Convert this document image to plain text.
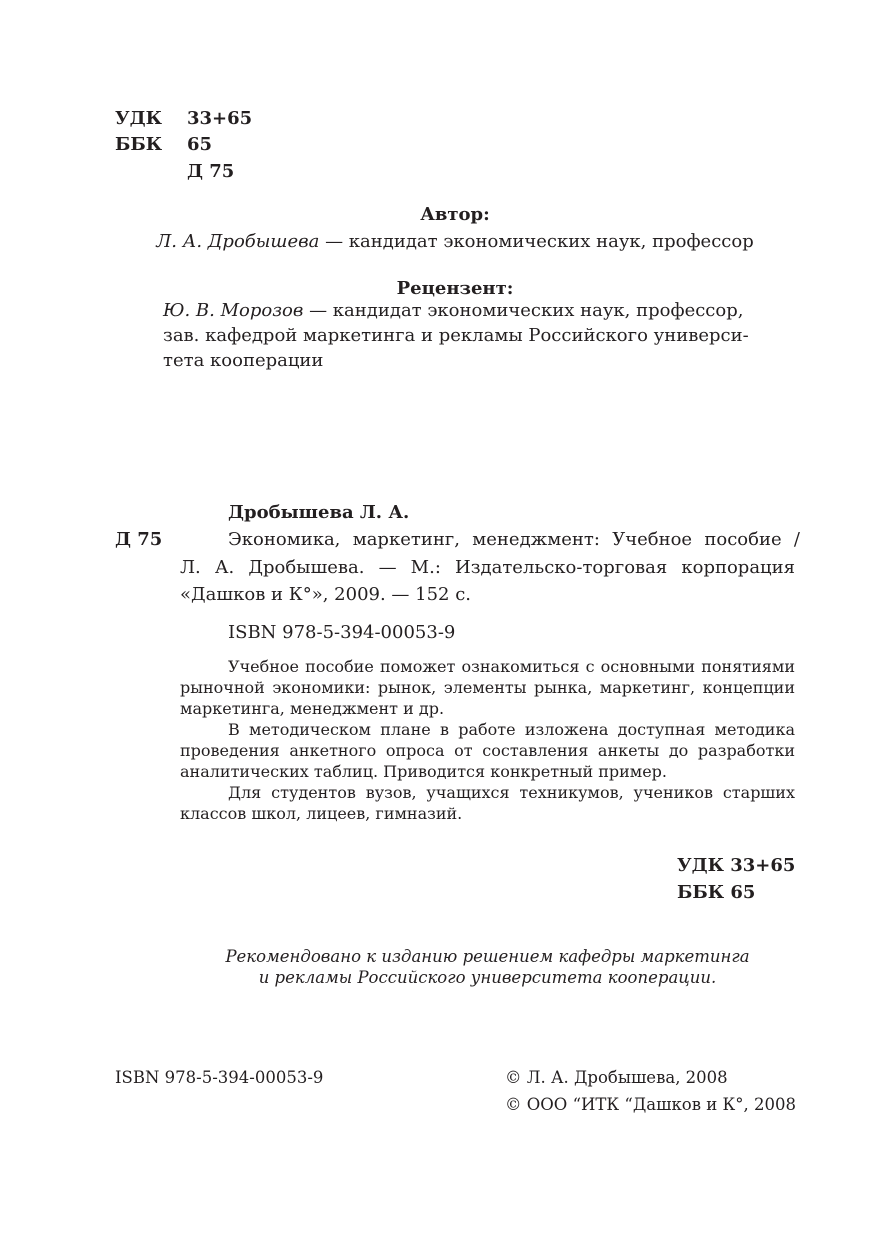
УДК 33+65
ББК 65
Д 75
Автор:
Л. А. Дробышева — кандидат экономических наук, профессор
Рецензент:
Ю. В. Морозов — кандидат экономических наук, профессор,
зав. кафедрой маркетинга и рекламы Российского универси-
тета кооперации
Дробышева Л. А.
Д 75	Экономика, маркетинг, менеджмент: Учебное пособие /
Л. А. Дробышева. — М.: Издательско-торговая корпорация
«Дашков и К°», 2009. — 152 с.
ISBN 978-5-394-00053-9
Учебное пособие поможет ознакомиться с основными понятиями
рыночной экономики: рынок, элементы рынка, маркетинг, концепции
маркетинга, менеджмент и др.
В методическом плане в работе изложена доступная методика
проведения анкетного опроса от составления анкеты до разработки
аналитических таблиц. Приводится конкретный пример.
Для студентов вузов, учащихся техникумов, учеников старших
классов школ, лицеев, гимназий.
УДК 33+65
ББК 65
Рекомендовано к изданию решением кафедры маркетинга
и рекламы Российского университета кооперации.
ISBN 978-5-394-00053-9	© Л. А. Дробышева, 2008
© ООО “ИТК “Дашков и К°, 2008
